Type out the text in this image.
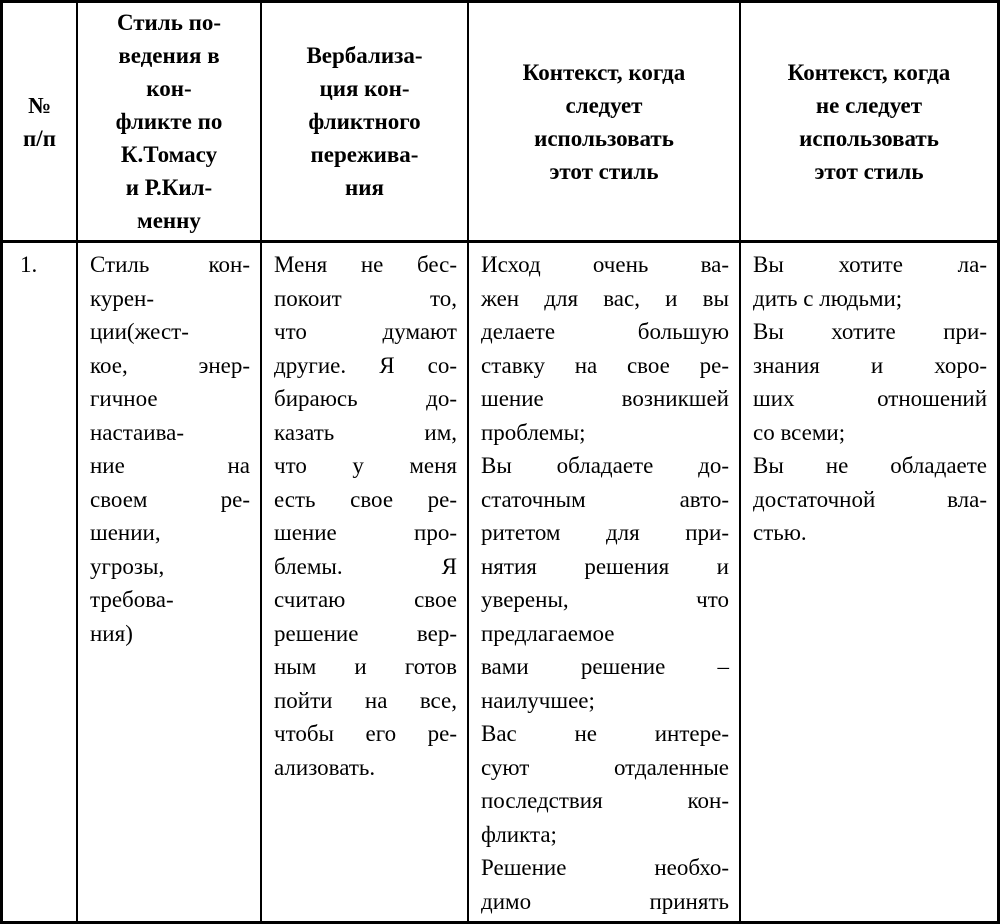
№
п/п
Стиль по-
ведения в
кон-
фликте по
К.Томасу
и Р.Кил-
менну
Вербализа-
ция кон-
фликтного
пережива-
ния
Контекст, когда
следует
использовать
этот стиль
Контекст, когда
не следует
использовать
этот стиль
1.	Стиль кон-
курен-
ции(жест-
кое, энер-
гичное
настаива-
ние на
своем ре-
шении,
угрозы,
требова-
ния)
Меня не бес-
покоит то,
что думают
другие. Я со-
бираюсь до-
казать им,
что у меня
есть свое ре-
шение про-
блемы. Я
считаю свое
решение вер-
ным и готов
пойти на все,
чтобы его ре-
ализовать.
Исход очень ва-
жен для вас, и вы
делаете большую
ставку на свое ре-
шение возникшей
проблемы;
Вы обладаете до-
статочным авто-
ритетом для при-
нятия решения и
уверены, что
предлагаемое
вами решение –
наилучшее;
Вас не интере-
суют отдаленные
последствия кон-
фликта;
Решение необхо-
димо принять
Вы хотите ла-
дить с людьми;
Вы хотите при-
знания и хоро-
ших отношений
со всеми;
Вы не обладаете
достаточной вла-
стью.
